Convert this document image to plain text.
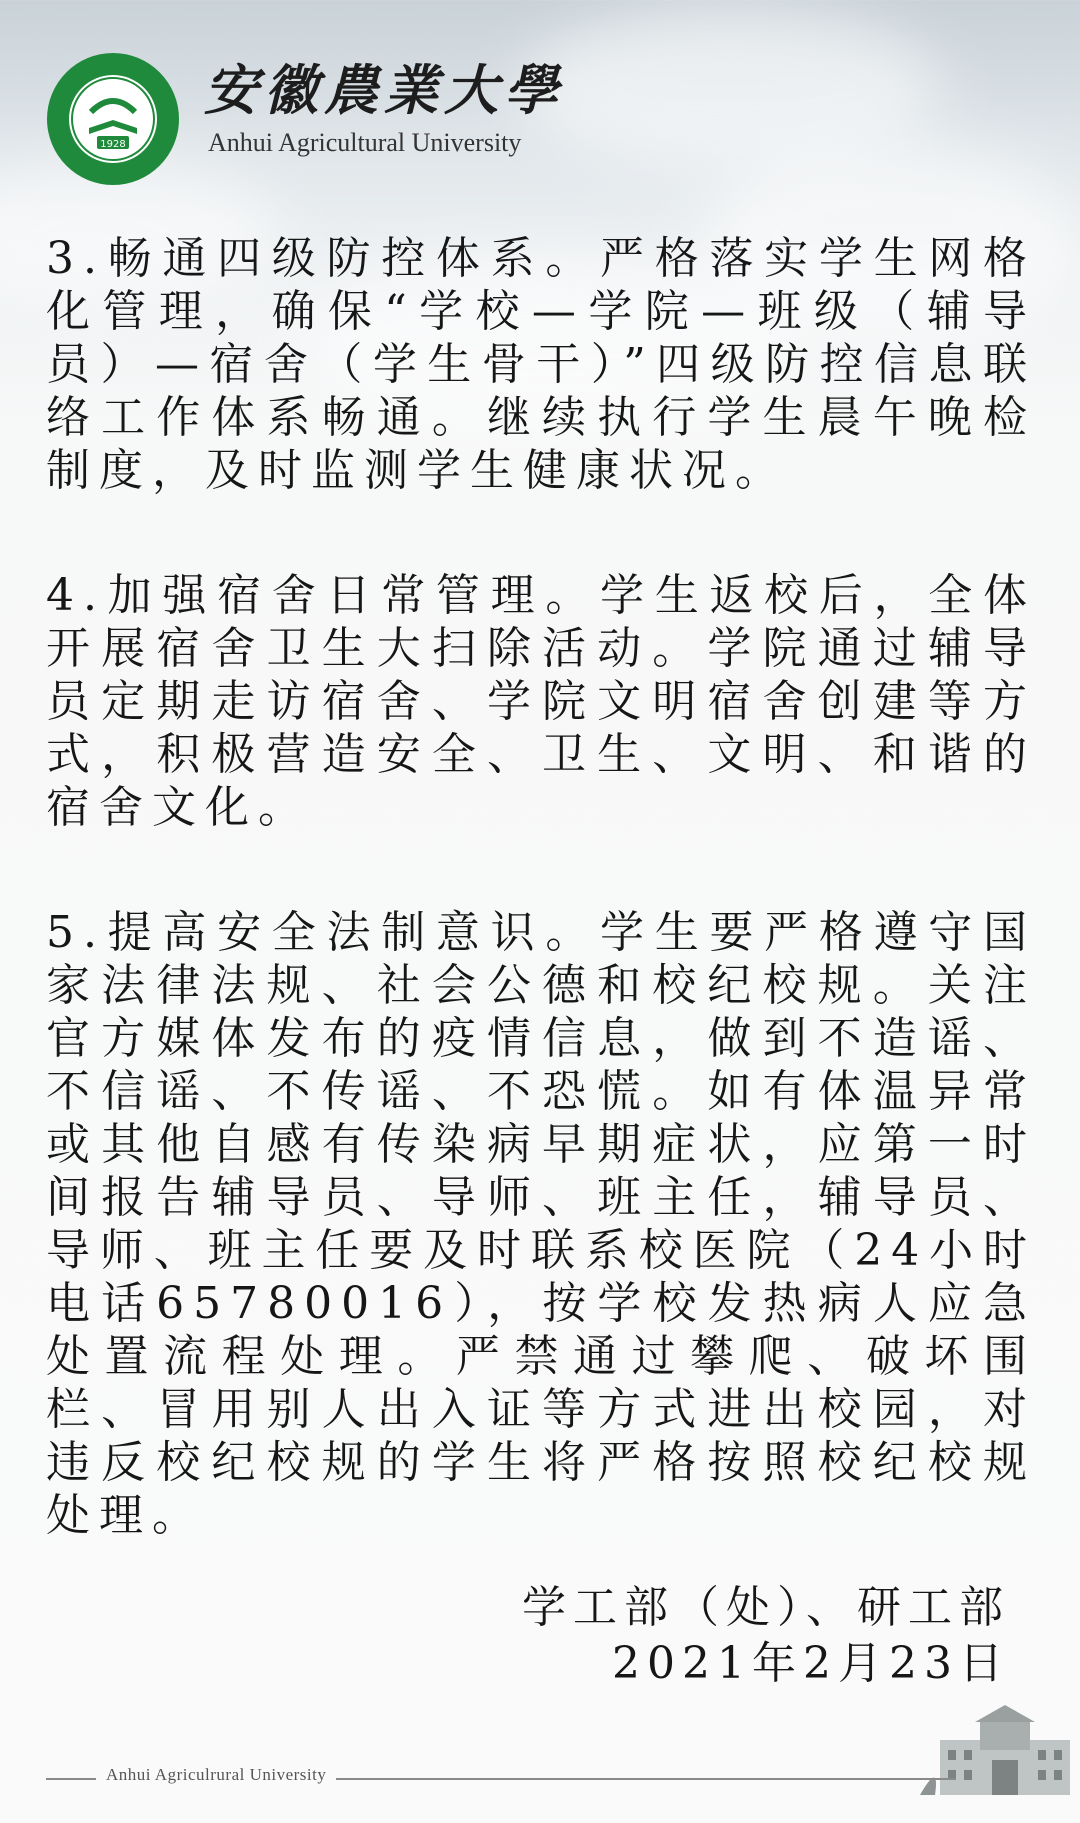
1928
安徽農業大學
Anhui Agricultural University

3.畅通四级防控体系。严格落实学生网格化管理，确保“学校—学院—班级（辅导员）—宿舍（学生骨干）”四级防控信息联络工作体系畅通。继续执行学生晨午晚检制度，及时监测学生健康状况。

4.加强宿舍日常管理。学生返校后，全体开展宿舍卫生大扫除活动。学院通过辅导员定期走访宿舍、学院文明宿舍创建等方式，积极营造安全、卫生、文明、和谐的宿舍文化。

5.提高安全法制意识。学生要严格遵守国家法律法规、社会公德和校纪校规。关注官方媒体发布的疫情信息，做到不造谣、不信谣、不传谣、不恐慌。如有体温异常或其他自感有传染病早期症状，应第一时间报告辅导员、导师、班主任，辅导员、导师、班主任要及时联系校医院（24小时电话65780016），按学校发热病人应急处置流程处理。严禁通过攀爬、破坏围栏、冒用别人出入证等方式进出校园，对违反校纪校规的学生将严格按照校纪校规处理。

学工部（处）、研工部
2021年2月23日
Anhui Agriculrural University
